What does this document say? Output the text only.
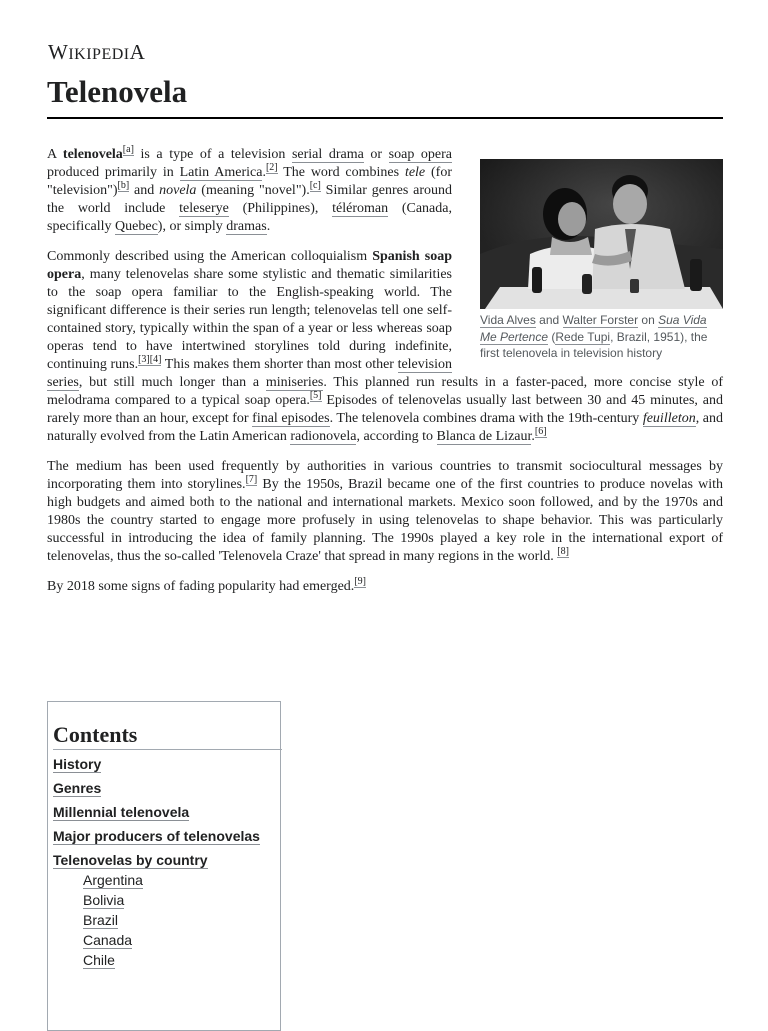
WIKIPEDIA
Telenovela
Vida Alves and Walter Forster on Sua Vida Me Pertence (Rede Tupi, Brazil, 1951), the first telenovela in television history

A telenovela[a] is a type of a television serial drama or soap opera produced primarily in Latin America.[2] The word combines tele (for "television")[b] and novela (meaning "novel").[c] Similar genres around the world include teleserye (Philippines), téléroman (Canada, specifically Quebec), or simply dramas.

Commonly described using the American colloquialism Spanish soap opera, many telenovelas share some stylistic and thematic similarities to the soap opera familiar to the English-speaking world. The significant difference is their series run length; telenovelas tell one self-contained story, typically within the span of a year or less whereas soap operas tend to have intertwined storylines told during indefinite, continuing runs.[3][4] This makes them shorter than most other television series, but still much longer than a miniseries. This planned run results in a faster-paced, more concise style of melodrama compared to a typical soap opera.[5] Episodes of telenovelas usually last between 30 and 45 minutes, and rarely more than an hour, except for final episodes. The telenovela combines drama with the 19th-century feuilleton, and naturally evolved from the Latin American radionovela, according to Blanca de Lizaur.[6]

The medium has been used frequently by authorities in various countries to transmit sociocultural messages by incorporating them into storylines.[7] By the 1950s, Brazil became one of the first countries to produce novelas with high budgets and aimed both to the national and international markets. Mexico soon followed, and by the 1970s and 1980s the country started to engage more profusely in using telenovelas to shape behavior. This was particularly successful in introducing the idea of family planning. The 1990s played a key role in the international export of telenovelas, thus the so-called 'Telenovela Craze' that spread in many regions in the world. [8]

By 2018 some signs of fading popularity had emerged.[9]

Contents
History
Genres
Millennial telenovela
Major producers of telenovelas
Telenovelas by country
Argentina
Bolivia
Brazil
Canada
Chile
